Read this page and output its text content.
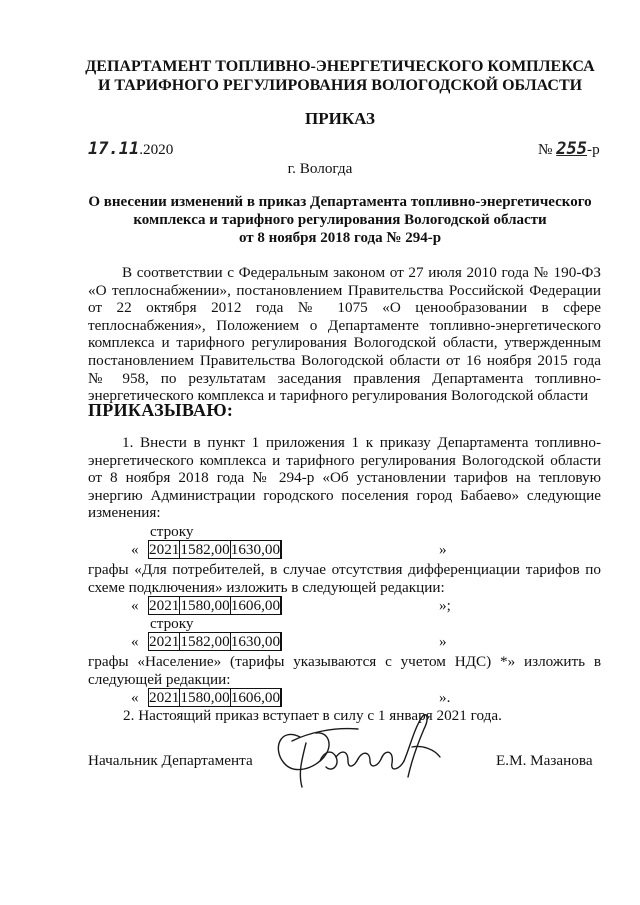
ДЕПАРТАМЕНТ ТОПЛИВНО-ЭНЕРГЕТИЧЕСКОГО КОМПЛЕКСА
И ТАРИФНОГО РЕГУЛИРОВАНИЯ ВОЛОГОДСКОЙ ОБЛАСТИ
ПРИКАЗ
17.11.2020	№ 255-р
г. Вологда
О внесении изменений в приказ Департамента топливно-энергетического
комплекса и тарифного регулирования Вологодской области
от 8 ноября 2018 года № 294-р
В соответствии с Федеральным законом от 27 июля 2010 года № 190-ФЗ «О теплоснабжении», постановлением Правительства Российской Федерации от 22 октября 2012 года № 1075 «О ценообразовании в сфере теплоснабжения», Положением о Департаменте топливно-энергетического комплекса и тарифного регулирования Вологодской области, утвержденным постановлением Правительства Вологодской области от 16 ноября 2015 года № 958, по результатам заседания правления Департамента топливно-энергетического комплекса и тарифного регулирования Вологодской области
ПРИКАЗЫВАЮ:
1. Внести в пункт 1 приложения 1 к приказу Департамента топливно-энергетического комплекса и тарифного регулирования Вологодской области от 8 ноября 2018 года № 294-р «Об установлении тарифов на тепловую энергию Администрации городского поселения город Бабаево» следующие изменения:
строку
« 2021	1582,00	1630,00		»
графы «Для потребителей, в случае отсутствия дифференциации тарифов по схеме подключения» изложить в следующей редакции:
« 2021	1580,00	1606,00		»;
строку
« 2021	1582,00	1630,00		»
графы «Население» (тарифы указываются с учетом НДС) *» изложить в следующей редакции:
« 2021	1580,00	1606,00		».
2. Настоящий приказ вступает в силу с 1 января 2021 года.
Начальник Департамента	Е.М. Мазанова
